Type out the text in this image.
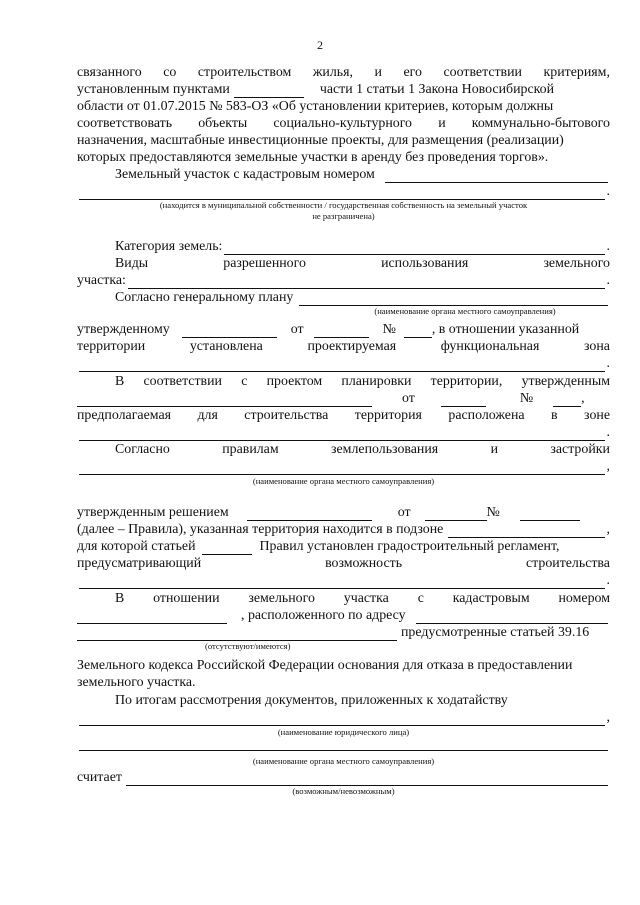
2
связанного со строительством жилья, и его соответствии критериям,
установленным пунктами	части 1 статьи 1 Закона Новосибирской
области от 01.07.2015 № 583-ОЗ «Об установлении критериев, которым должны
соответствовать объекты социально-культурного и коммунально-бытового
назначения, масштабные инвестиционные проекты, для размещения (реализации)
которых предоставляются земельные участки в аренду без проведения торгов».
Земельный участок с кадастровым номером
.
(находится в муниципальной собственности / государственная собственность на земельный участок
не разграничена)
Категория земель:	.
Виды	разрешенного	использования	земельного
участка:	.
Согласно генеральному плану
(наименование органа местного самоуправления)
утвержденному	от	№	, в отношении указанной
территории	установлена	проектируемая	функциональная	зона
.
В соответствии с проектом планировки территории, утвержденным
от	№	,
предполагаемая для строительства территория расположена в зоне
.
Согласно	правилам	землепользования	и	застройки
,
(наименование органа местного самоуправления)
утвержденным решением	от	№
(далее – Правила), указанная территория находится в подзоне	,
для которой статьей	Правил установлен градостроительный регламент,
предусматривающий	возможность	строительства
.
В отношении земельного участка с кадастровым номером
, расположенного по адресу
предусмотренные статьей 39.16
(отсутствуют/имеются)
Земельного кодекса Российской Федерации основания для отказа в предоставлении
земельного участка.
По итогам рассмотрения документов, приложенных к ходатайству
,
(наименование юридического лица)
(наименование органа местного самоуправления)
считает
(возможным/невозможным)
